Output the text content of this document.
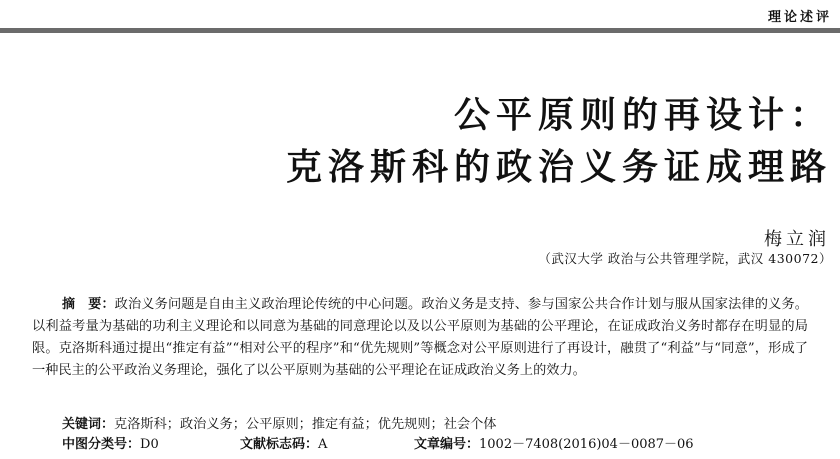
理论述评
公平原则的再设计：
克洛斯科的政治义务证成理路
梅立润
（武汉大学 政治与公共管理学院，武汉 430072）

摘　要：政治义务问题是自由主义政治理论传统的中心问题。政治义务是支持、参与国家公共合作计划与服从国家法律的义务。以利益考量为基础的功利主义理论和以同意为基础的同意理论以及以公平原则为基础的公平理论，在证成政治义务时都存在明显的局限。克洛斯科通过提出“推定有益”“相对公平的程序”和“优先规则”等概念对公平原则进行了再设计，融贯了“利益”与“同意”，形成了一种民主的公平政治义务理论，强化了以公平原则为基础的公平理论在证成政治义务上的效力。

关键词：克洛斯科；政治义务；公平原则；推定有益；优先规则；社会个体
中图分类号：D0	文献标志码：A	文章编号：1002－7408(2016)04－0087－06
